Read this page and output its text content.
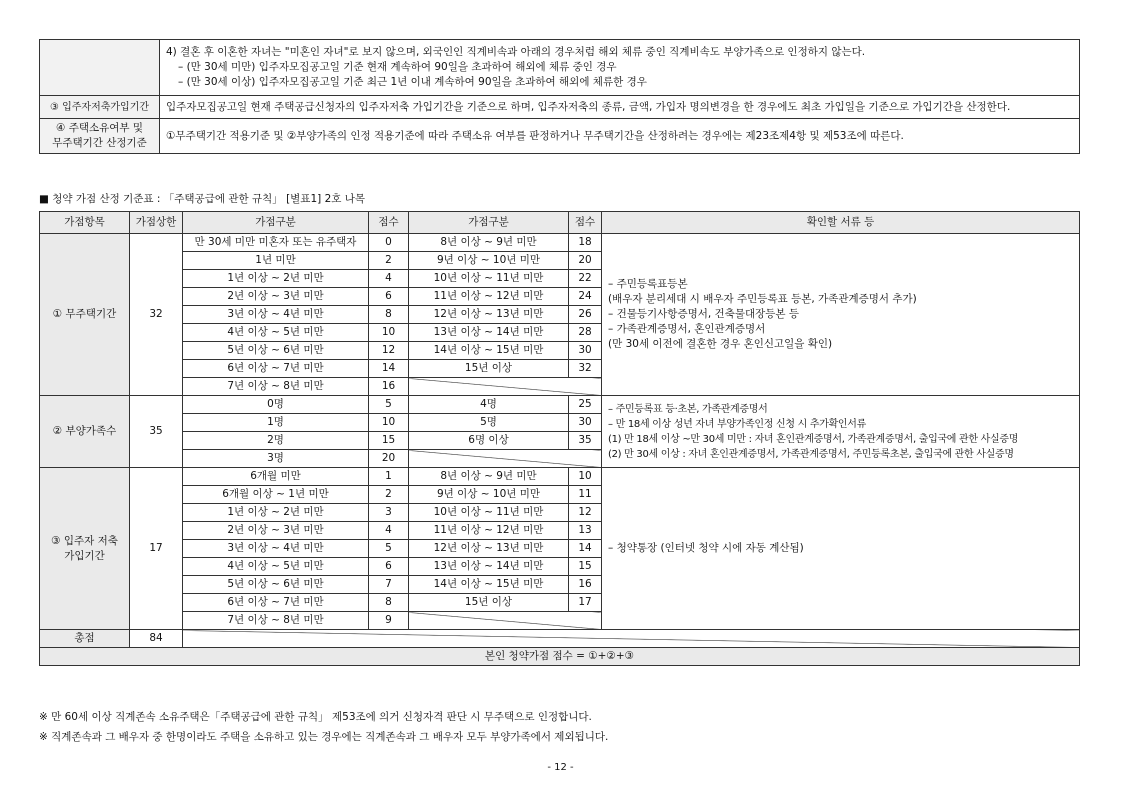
	4) 결혼 후 이혼한 자녀는 "미혼인 자녀"로 보지 않으며, 외국인인 직계비속과 아래의 경우처럼 해외 체류 중인 직계비속도 부양가족으로 인정하지 않는다.
– (만 30세 미만) 입주자모집공고일 기준 현재 계속하여 90일을 초과하여 해외에 체류 중인 경우
– (만 30세 이상) 입주자모집공고일 기준 최근 1년 이내 계속하여 90일을 초과하여 해외에 체류한 경우

③ 입주자저축가입기간	입주자모집공고일 현재 주택공급신청자의 입주자저축 가입기간을 기준으로 하며, 입주자저축의 종류, 금액, 가입자 명의변경을 한 경우에도 최초 가입일을 기준으로 가입기간을 산정한다.

④ 주택소유여부 및
무주택기간 산정기준	①무주택기간 적용기준 및 ②부양가족의 인정 적용기준에 따라 주택소유 여부를 판정하거나 무주택기간을 산정하려는 경우에는 제23조제4항 및 제53조에 따른다.
■ 청약 가점 산정 기준표 : 「주택공급에 관한 규칙」 [별표1] 2호 나목
가점항목	가점상한	가점구분	점수	가점구분	점수	확인할 서류 등

① 무주택기간	32	만 30세 미만 미혼자 또는 유주택자	0	8년 이상 ~ 9년 미만	18	– 주민등록표등본
(배우자 분리세대 시 배우자 주민등록표 등본, 가족관계증명서 추가)
– 건물등기사항증명서, 건축물대장등본 등
– 가족관계증명서, 혼인관계증명서
(만 30세 이전에 결혼한 경우 혼인신고일을 확인)

		1년 미만	2	9년 이상 ~ 10년 미만	20	
		1년 이상 ~ 2년 미만	4	10년 이상 ~ 11년 미만	22	
		2년 이상 ~ 3년 미만	6	11년 이상 ~ 12년 미만	24	
		3년 이상 ~ 4년 미만	8	12년 이상 ~ 13년 미만	26	
		4년 이상 ~ 5년 미만	10	13년 이상 ~ 14년 미만	28	
		5년 이상 ~ 6년 미만	12	14년 이상 ~ 15년 미만	30	
		6년 이상 ~ 7년 미만	14	15년 이상	32	
		7년 이상 ~ 8년 미만	16			

② 부양가족수	35	0명	5	4명	25	– 주민등록표 등·초본, 가족관계증명서
– 만 18세 이상 성년 자녀 부양가족인정 신청 시 추가확인서류
(1) 만 18세 이상 ~만 30세 미만 : 자녀 혼인관계증명서, 가족관계증명서, 출입국에 관한 사실증명
(2) 만 30세 이상 : 자녀 혼인관계증명서, 가족관계증명서, 주민등록초본, 출입국에 관한 사실증명

		1명	10	5명	30	
		2명	15	6명 이상	35	
		3명	20			

③ 입주자 저축
가입기간	17	6개월 미만	1	8년 이상 ~ 9년 미만	10	– 청약통장 (인터넷 청약 시에 자동 계산됨)
		6개월 이상 ~ 1년 미만	2	9년 이상 ~ 10년 미만	11	
		1년 이상 ~ 2년 미만	3	10년 이상 ~ 11년 미만	12	
		2년 이상 ~ 3년 미만	4	11년 이상 ~ 12년 미만	13	
		3년 이상 ~ 4년 미만	5	12년 이상 ~ 13년 미만	14	
		4년 이상 ~ 5년 미만	6	13년 이상 ~ 14년 미만	15	
		5년 이상 ~ 6년 미만	7	14년 이상 ~ 15년 미만	16	
		6년 이상 ~ 7년 미만	8	15년 이상	17	
		7년 이상 ~ 8년 미만	9			
총점	84					
본인 청약가점 점수 = ①+②+③						
※ 만 60세 이상 직계존속 소유주택은「주택공급에 관한 규칙」 제53조에 의거 신청자격 판단 시 무주택으로 인정합니다.
※ 직계존속과 그 배우자 중 한명이라도 주택을 소유하고 있는 경우에는 직계존속과 그 배우자 모두 부양가족에서 제외됩니다.
- 12 -
